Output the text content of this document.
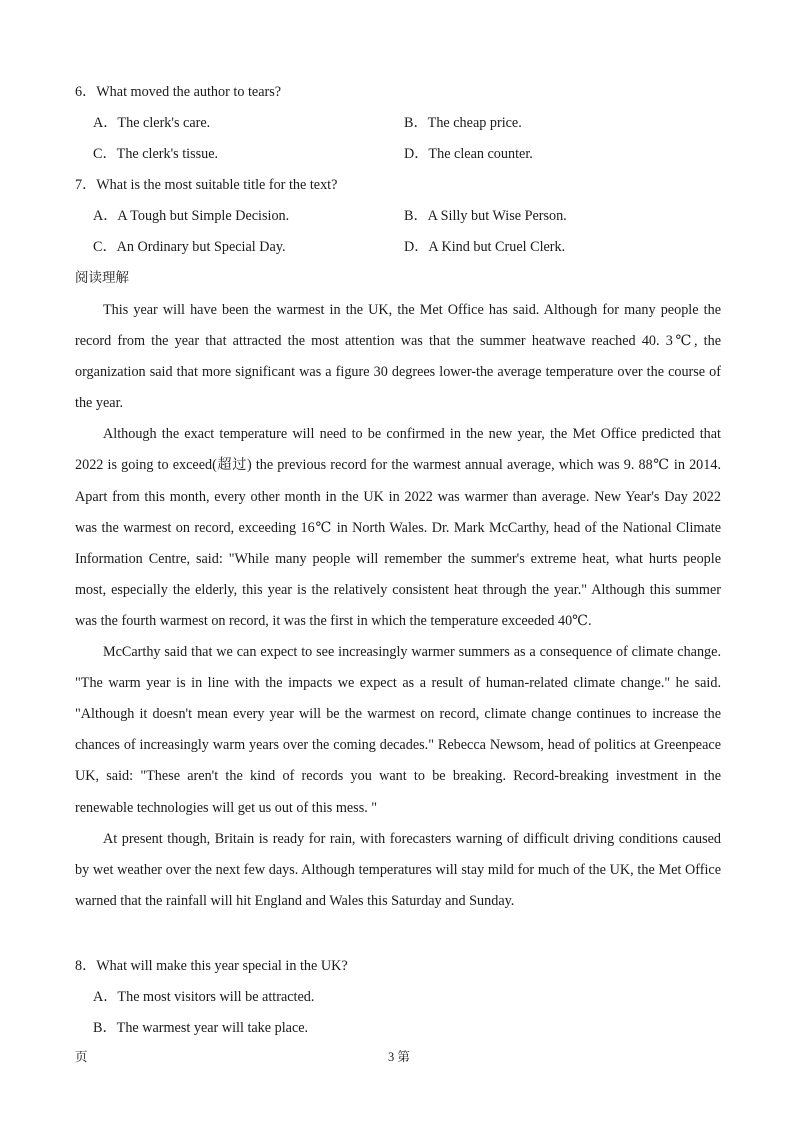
6．What moved the author to tears?
A．The clerk's care.	B．The cheap price.
C．The clerk's tissue.	D．The clean counter.
7．What is the most suitable title for the text?
A．A Tough but Simple Decision.	B．A Silly but Wise Person.
C．An Ordinary but Special Day.	D．A Kind but Cruel Clerk.
阅读理解
This year will have been the warmest in the UK, the Met Office has said. Although for many people the record from the year that attracted the most attention was that the summer heatwave reached 40. 3℃, the organization said that more significant was a figure 30 degrees lower-the average temperature over the course of the year.
Although the exact temperature will need to be confirmed in the new year, the Met Office predicted that 2022 is going to exceed(超过) the previous record for the warmest annual average, which was 9. 88℃ in 2014. Apart from this month, every other month in the UK in 2022 was warmer than average. New Year's Day 2022 was the warmest on record, exceeding 16℃ in North Wales. Dr. Mark McCarthy, head of the National Climate Information Centre, said: "While many people will remember the summer's extreme heat, what hurts people most, especially the elderly, this year is the relatively consistent heat through the year." Although this summer was the fourth warmest on record, it was the first in which the temperature exceeded 40℃.
McCarthy said that we can expect to see increasingly warmer summers as a consequence of climate change. "The warm year is in line with the impacts we expect as a result of human-related climate change." he said. "Although it doesn't mean every year will be the warmest on record, climate change continues to increase the chances of increasingly warm years over the coming decades." Rebecca Newsom, head of politics at Greenpeace UK, said: "These aren't the kind of records you want to be breaking. Record-breaking investment in the renewable technologies will get us out of this mess. "
At present though, Britain is ready for rain, with forecasters warning of difficult driving conditions caused by wet weather over the next few days. Although temperatures will stay mild for much of the UK, the Met Office warned that the rainfall will hit England and Wales this Saturday and Sunday.
8．What will make this year special in the UK?
A．The most visitors will be attracted.
B．The warmest year will take place.
页	3 第
